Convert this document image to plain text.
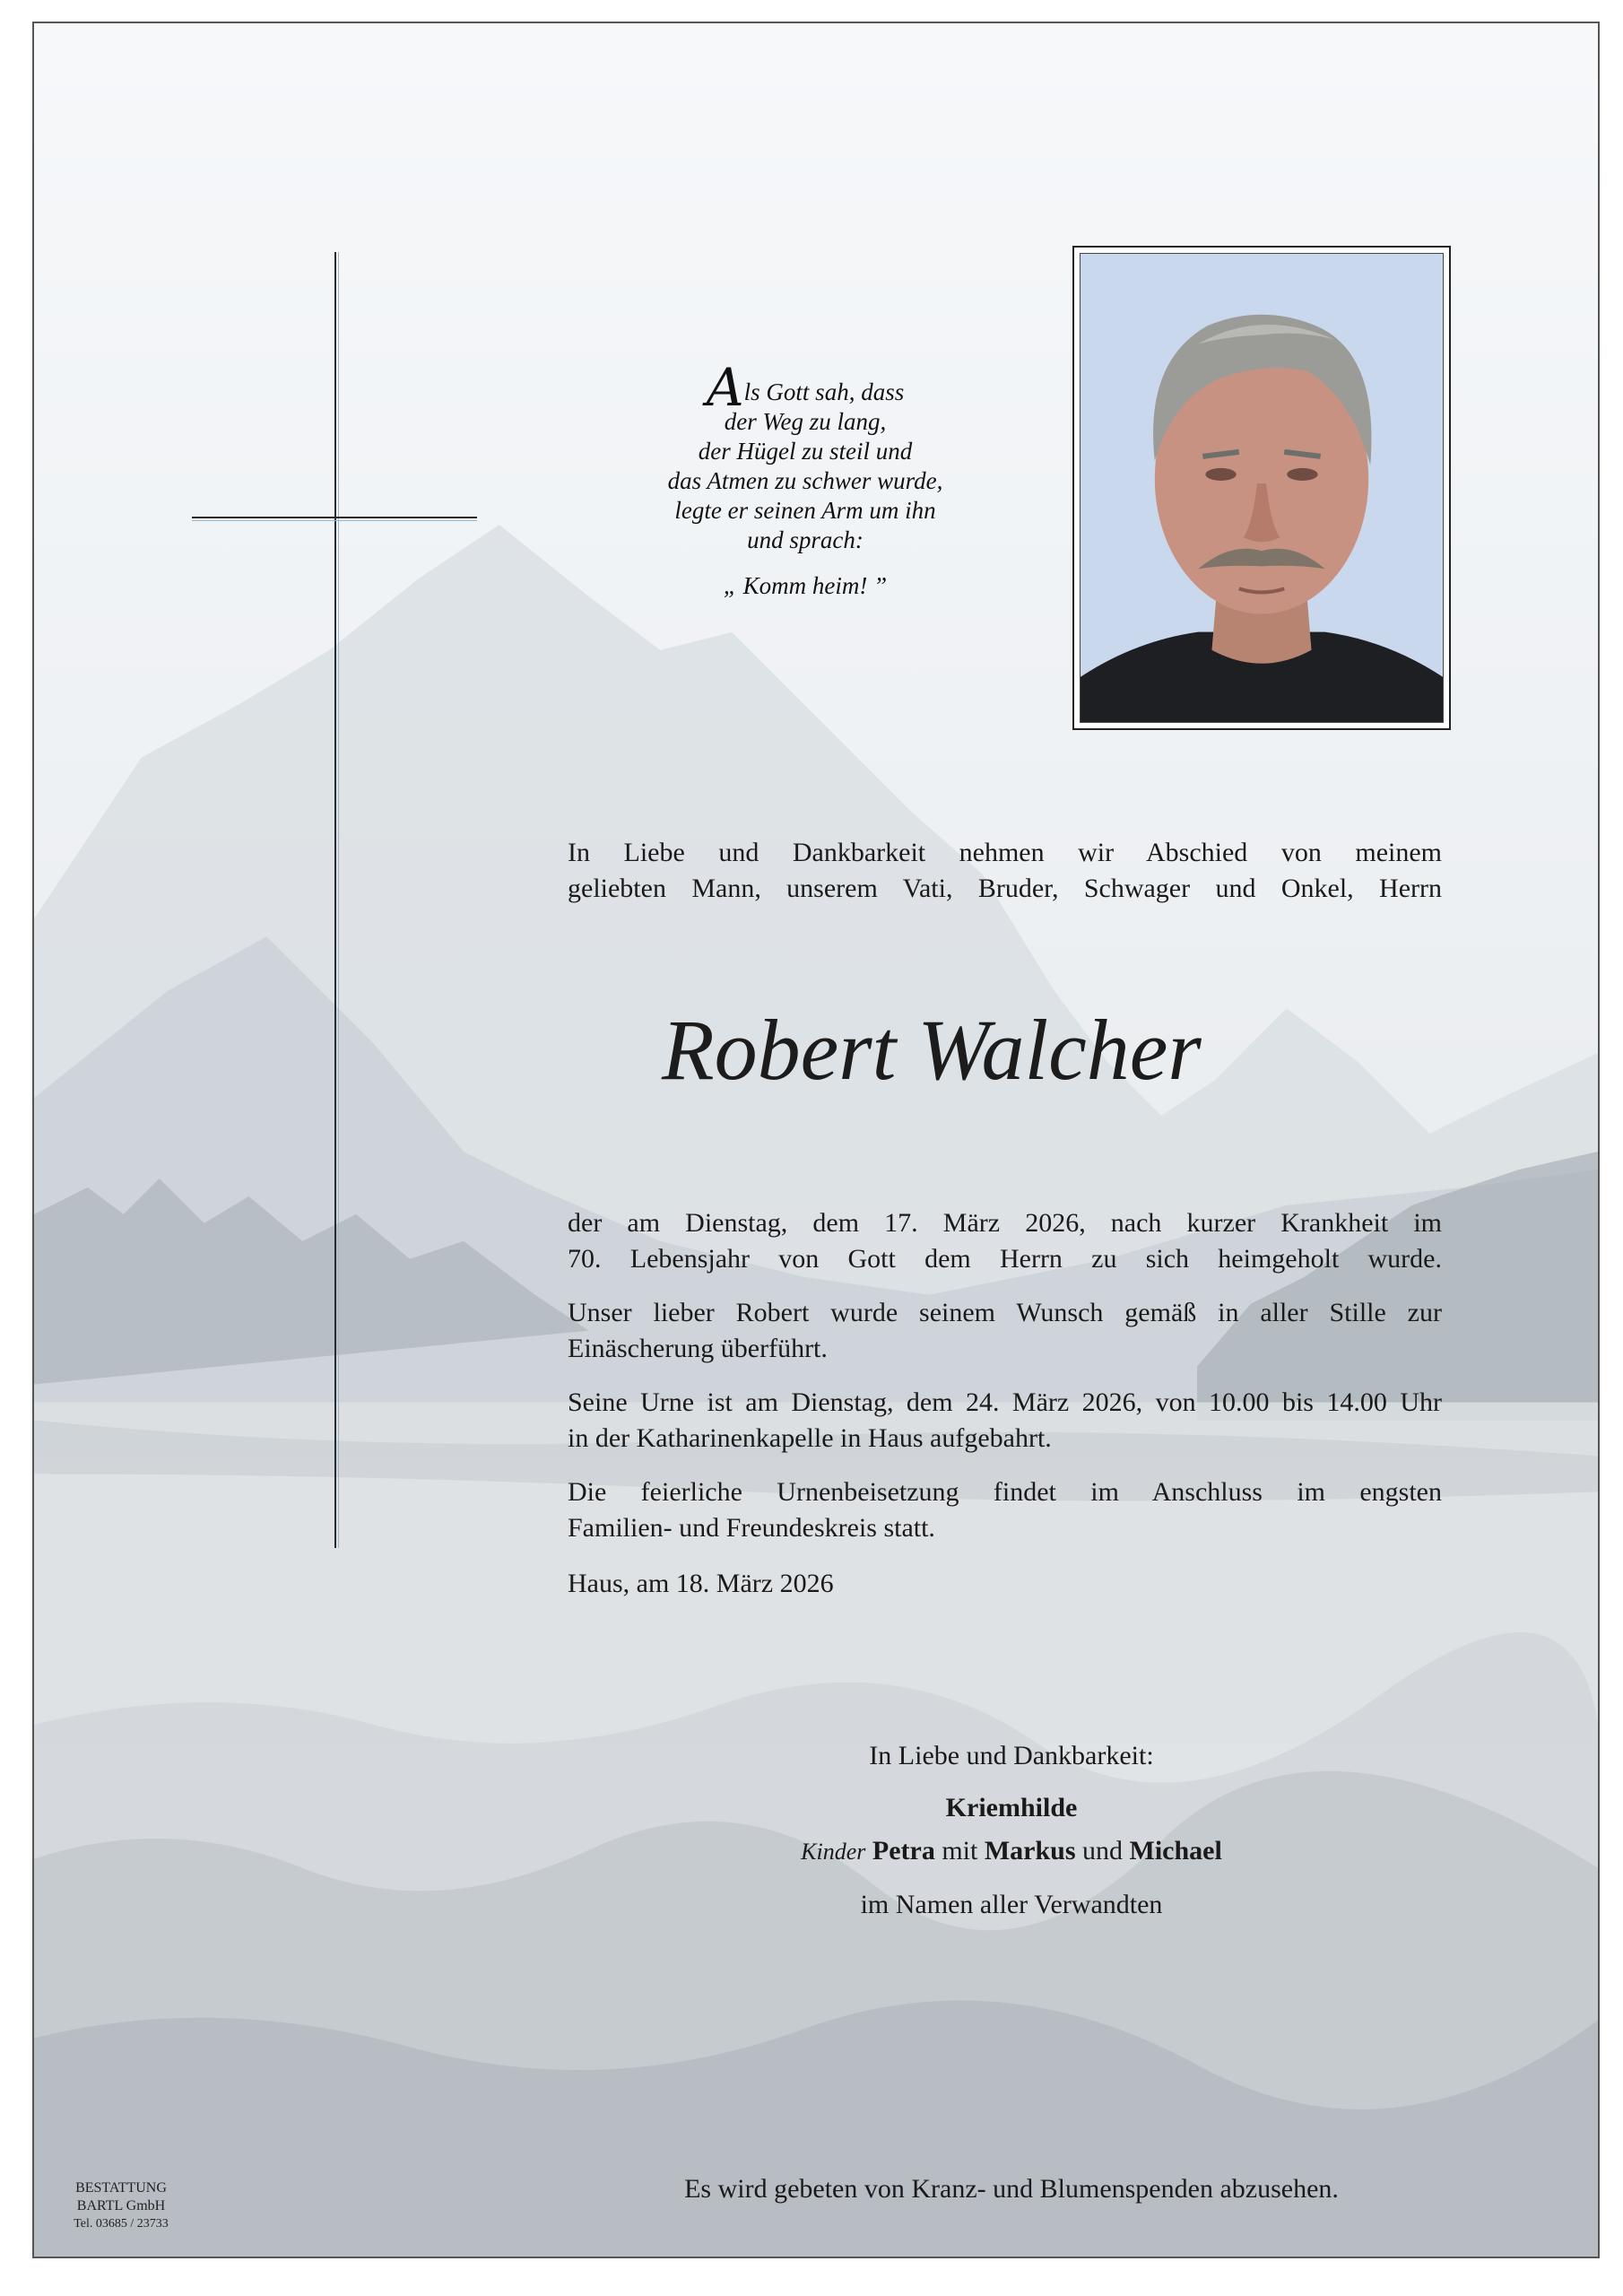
Als Gott sah, dass
der Weg zu lang,
der Hügel zu steil und
das Atmen zu schwer wurde,
legte er seinen Arm um ihn
und sprach:
„ Komm heim! ”

In Liebe und Dankbarkeit nehmen wir Abschied von meinem

geliebten Mann, unserem Vati, Bruder, Schwager und Onkel, Herrn

Robert Walcher

der am Dienstag, dem 17. März 2026, nach kurzer Krankheit im

70. Lebensjahr von Gott dem Herrn zu sich heimgeholt wurde.

Unser lieber Robert wurde seinem Wunsch gemäß in aller Stille zur

Einäscherung überführt.

Seine Urne ist am Dienstag, dem 24. März 2026, von 10.00 bis 14.00 Uhr

in der Katharinenkapelle in Haus aufgebahrt.

Die feierliche Urnenbeisetzung findet im Anschluss im engsten

Familien- und Freundeskreis statt.

Haus, am 18. März 2026

In Liebe und Dankbarkeit:
Kriemhilde
Kinder Petra mit Markus und Michael
im Namen aller Verwandten
Es wird gebeten von Kranz- und Blumenspenden abzusehen.
BESTATTUNG
BARTL GmbH
Tel. 03685 / 23733
